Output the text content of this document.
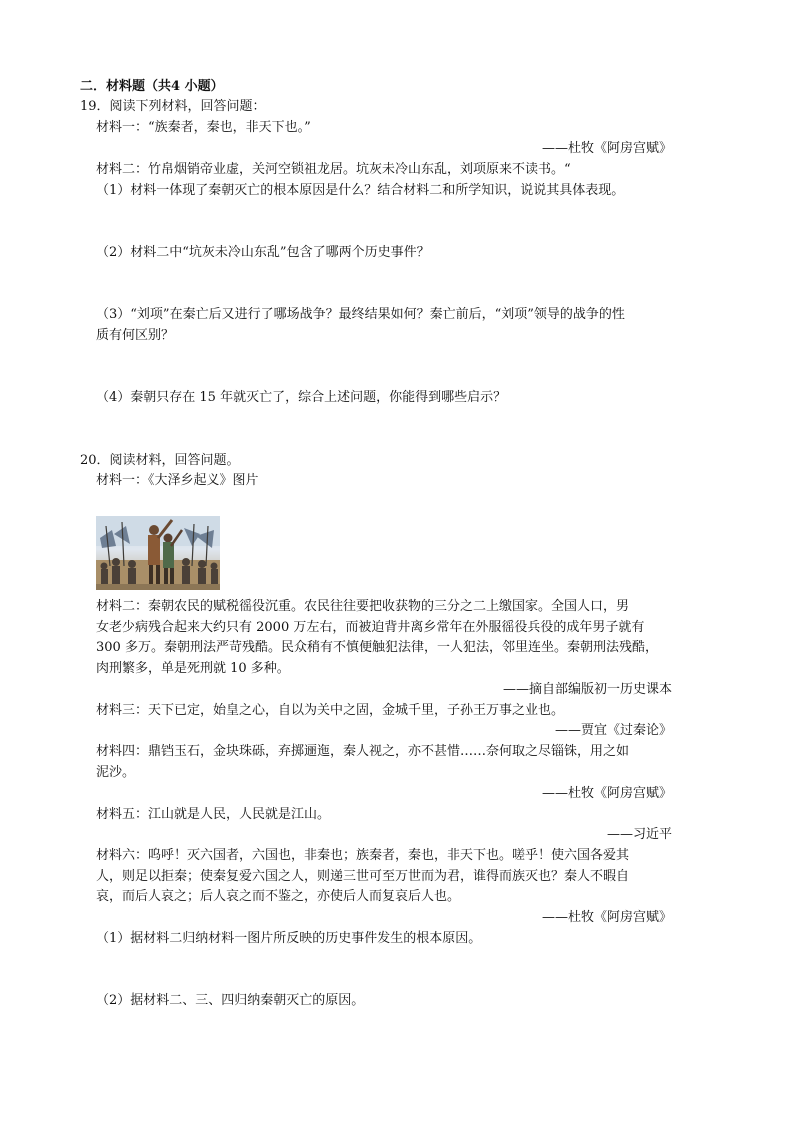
二．材料题（共4 小题）
19．阅读下列材料，回答问题：
材料一：“族秦者，秦也，非天下也。”
——杜牧《阿房宫赋》
材料二：竹帛烟销帝业虚，关河空锁祖龙居。坑灰未冷山东乱，刘项原来不读书。“
（1）材料一体现了秦朝灭亡的根本原因是什么？结合材料二和所学知识，说说其具体表现。
（2）材料二中“坑灰未冷山东乱”包含了哪两个历史事件？
（3）“刘项”在秦亡后又进行了哪场战争？最终结果如何？秦亡前后，“刘项”领导的战争的性
质有何区别？
（4）秦朝只存在 15 年就灭亡了，综合上述问题，你能得到哪些启示？
20．阅读材料，回答问题。
材料一：《大泽乡起义》图片
材料二：秦朝农民的赋税徭役沉重。农民往往要把收获物的三分之二上缴国家。全国人口，男
女老少病残合起来大约只有 2000 万左右，而被迫背井离乡常年在外服徭役兵役的成年男子就有
300 多万。秦朝刑法严苛残酷。民众稍有不慎便触犯法律，一人犯法，邻里连坐。秦朝刑法残酷，
肉刑繁多，单是死刑就 10 多种。
——摘自部编版初一历史课本
材料三：天下已定，始皇之心，自以为关中之固，金城千里，子孙王万事之业也。
——贾宜《过秦论》
材料四：鼎铛玉石，金块珠砾，弃掷逦迤，秦人视之，亦不甚惜……奈何取之尽锱铢，用之如
泥沙。
——杜牧《阿房宫赋》
材料五：江山就是人民，人民就是江山。
——习近平
材料六：呜呼！灭六国者，六国也，非秦也；族秦者，秦也，非天下也。嗟乎！使六国各爱其
人，则足以拒秦；使秦复爱六国之人，则递三世可至万世而为君，谁得而族灭也？秦人不暇自
哀，而后人哀之；后人哀之而不鉴之，亦使后人而复哀后人也。
——杜牧《阿房宫赋》
（1）据材料二归纳材料一图片所反映的历史事件发生的根本原因。
（2）据材料二、三、四归纳秦朝灭亡的原因。
